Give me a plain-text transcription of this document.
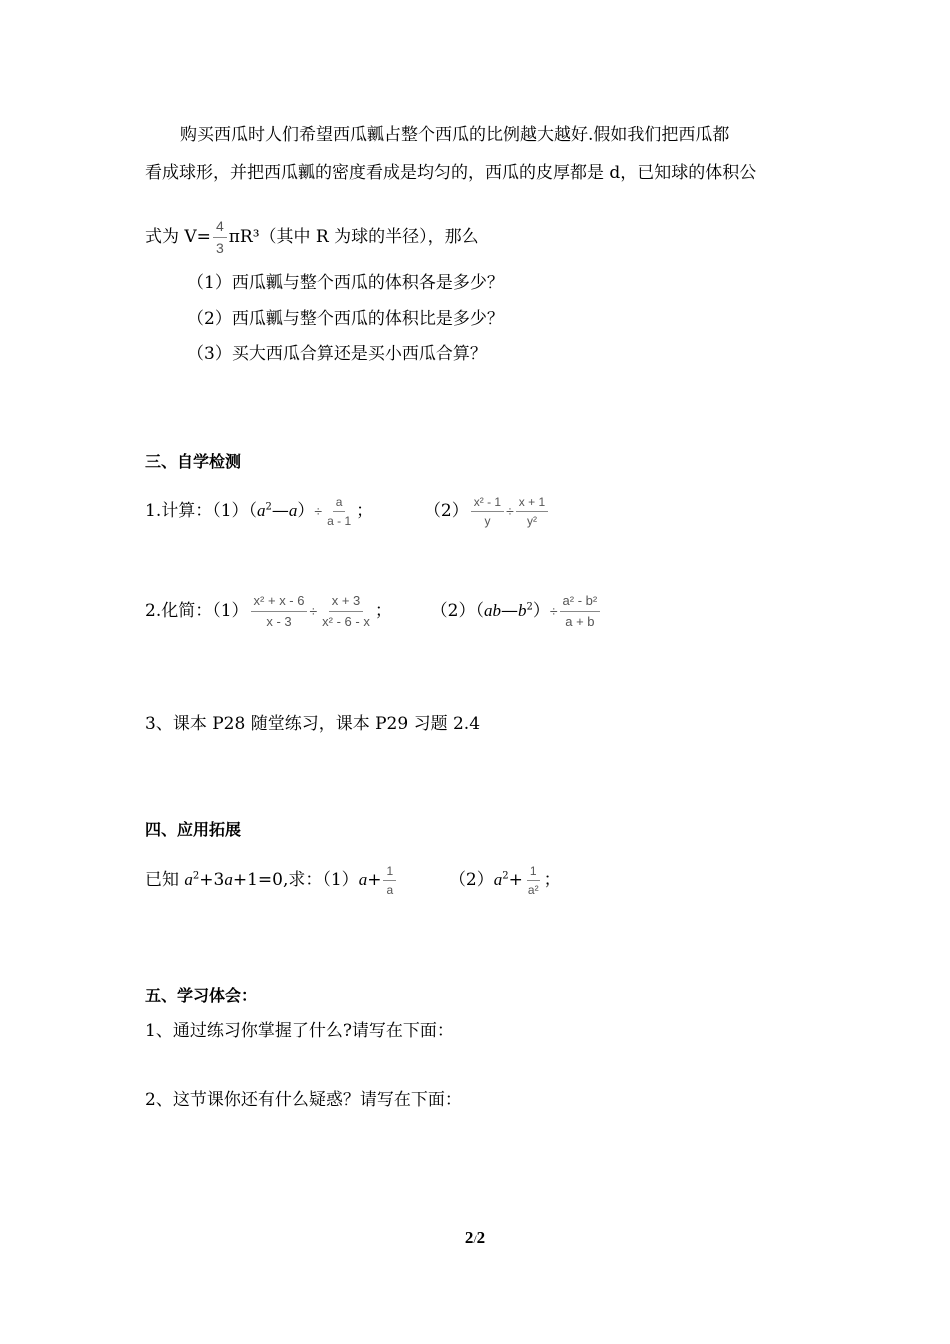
购买西瓜时人们希望西瓜瓤占整个西瓜的比例越大越好.假如我们把西瓜都
看成球形，并把西瓜瓤的密度看成是均匀的，西瓜的皮厚都是 d，已知球的体积公
式为 $V= \frac{4}{3} \pi R^3$（其中 R 为球的半径），那么
（1）西瓜瓤与整个西瓜的体积各是多少？
（2）西瓜瓤与整个西瓜的体积比是多少？
（3）买大西瓜合算还是买小西瓜合算？
三、自学检测
1.计算：$(1)(a^2—a)\div \frac{a}{a - 1}$ ；	$(2) \frac{\text{x² - 1}}{y} \div \frac{x + 1}{\text{y²}}$
2.化简：$(1) \frac{\text{x² + x - 6}}{x - 3} \div \frac{x + 3}{\text{x² - 6 - x}}$ ； $(2)(ab—b^2)\div \frac{\text{a² - b²}}{a + b}$
3、课本 P28 随堂练习，课本 P29 习题 2.4
四、应用拓展
已知 $a^2+3a+1=0$,求：$(1)a+ \frac{1}{a}$	$(2)a^2+ \frac{1}{\text{a²}}$ ；
五、学习体会：
1、通过练习你掌握了什么?请写在下面：
2、这节课你还有什么疑惑？请写在下面：
2/2
